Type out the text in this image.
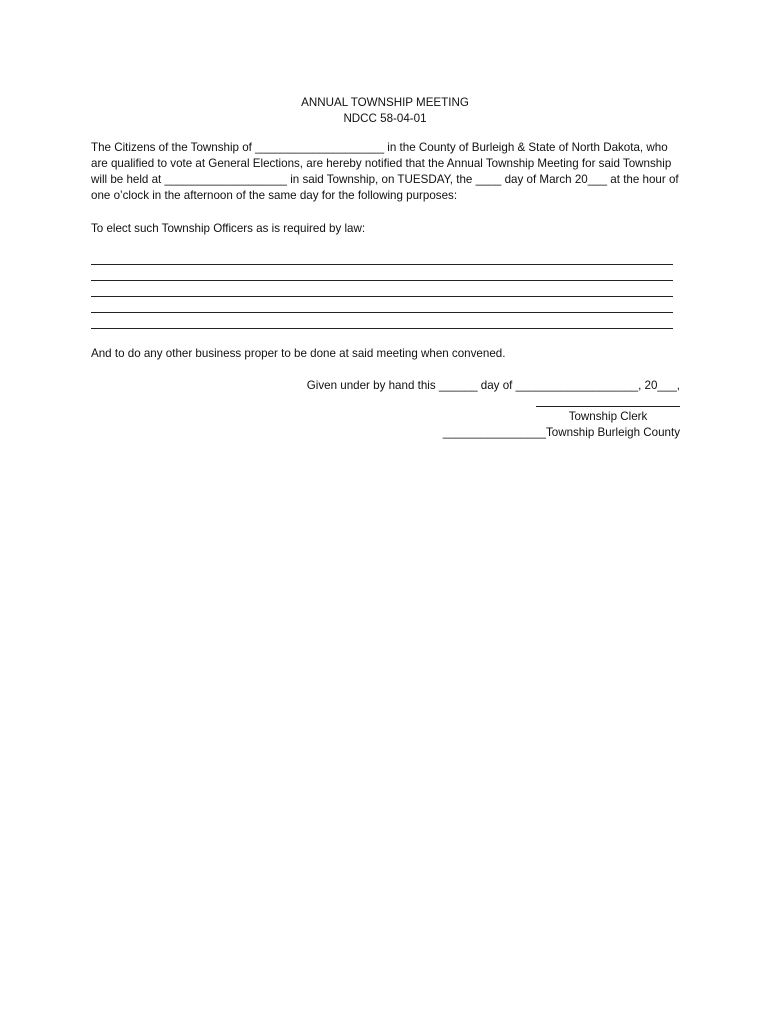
ANNUAL TOWNSHIP MEETING
NDCC 58-04-01
The Citizens of the Township of ____________________ in the County of Burleigh & State of North Dakota, who
are qualified to vote at General Elections, are hereby notified that the Annual Township Meeting for said Township
will be held at ___________________ in said Township, on TUESDAY, the ____ day of March 20___ at the hour of
one o’clock in the afternoon of the same day for the following purposes:
To elect such Township Officers as is required by law:
And to do any other business proper to be done at said meeting when convened.
Given under by hand this ______ day of ___________________, 20___,
Township Clerk
________________Township Burleigh County
